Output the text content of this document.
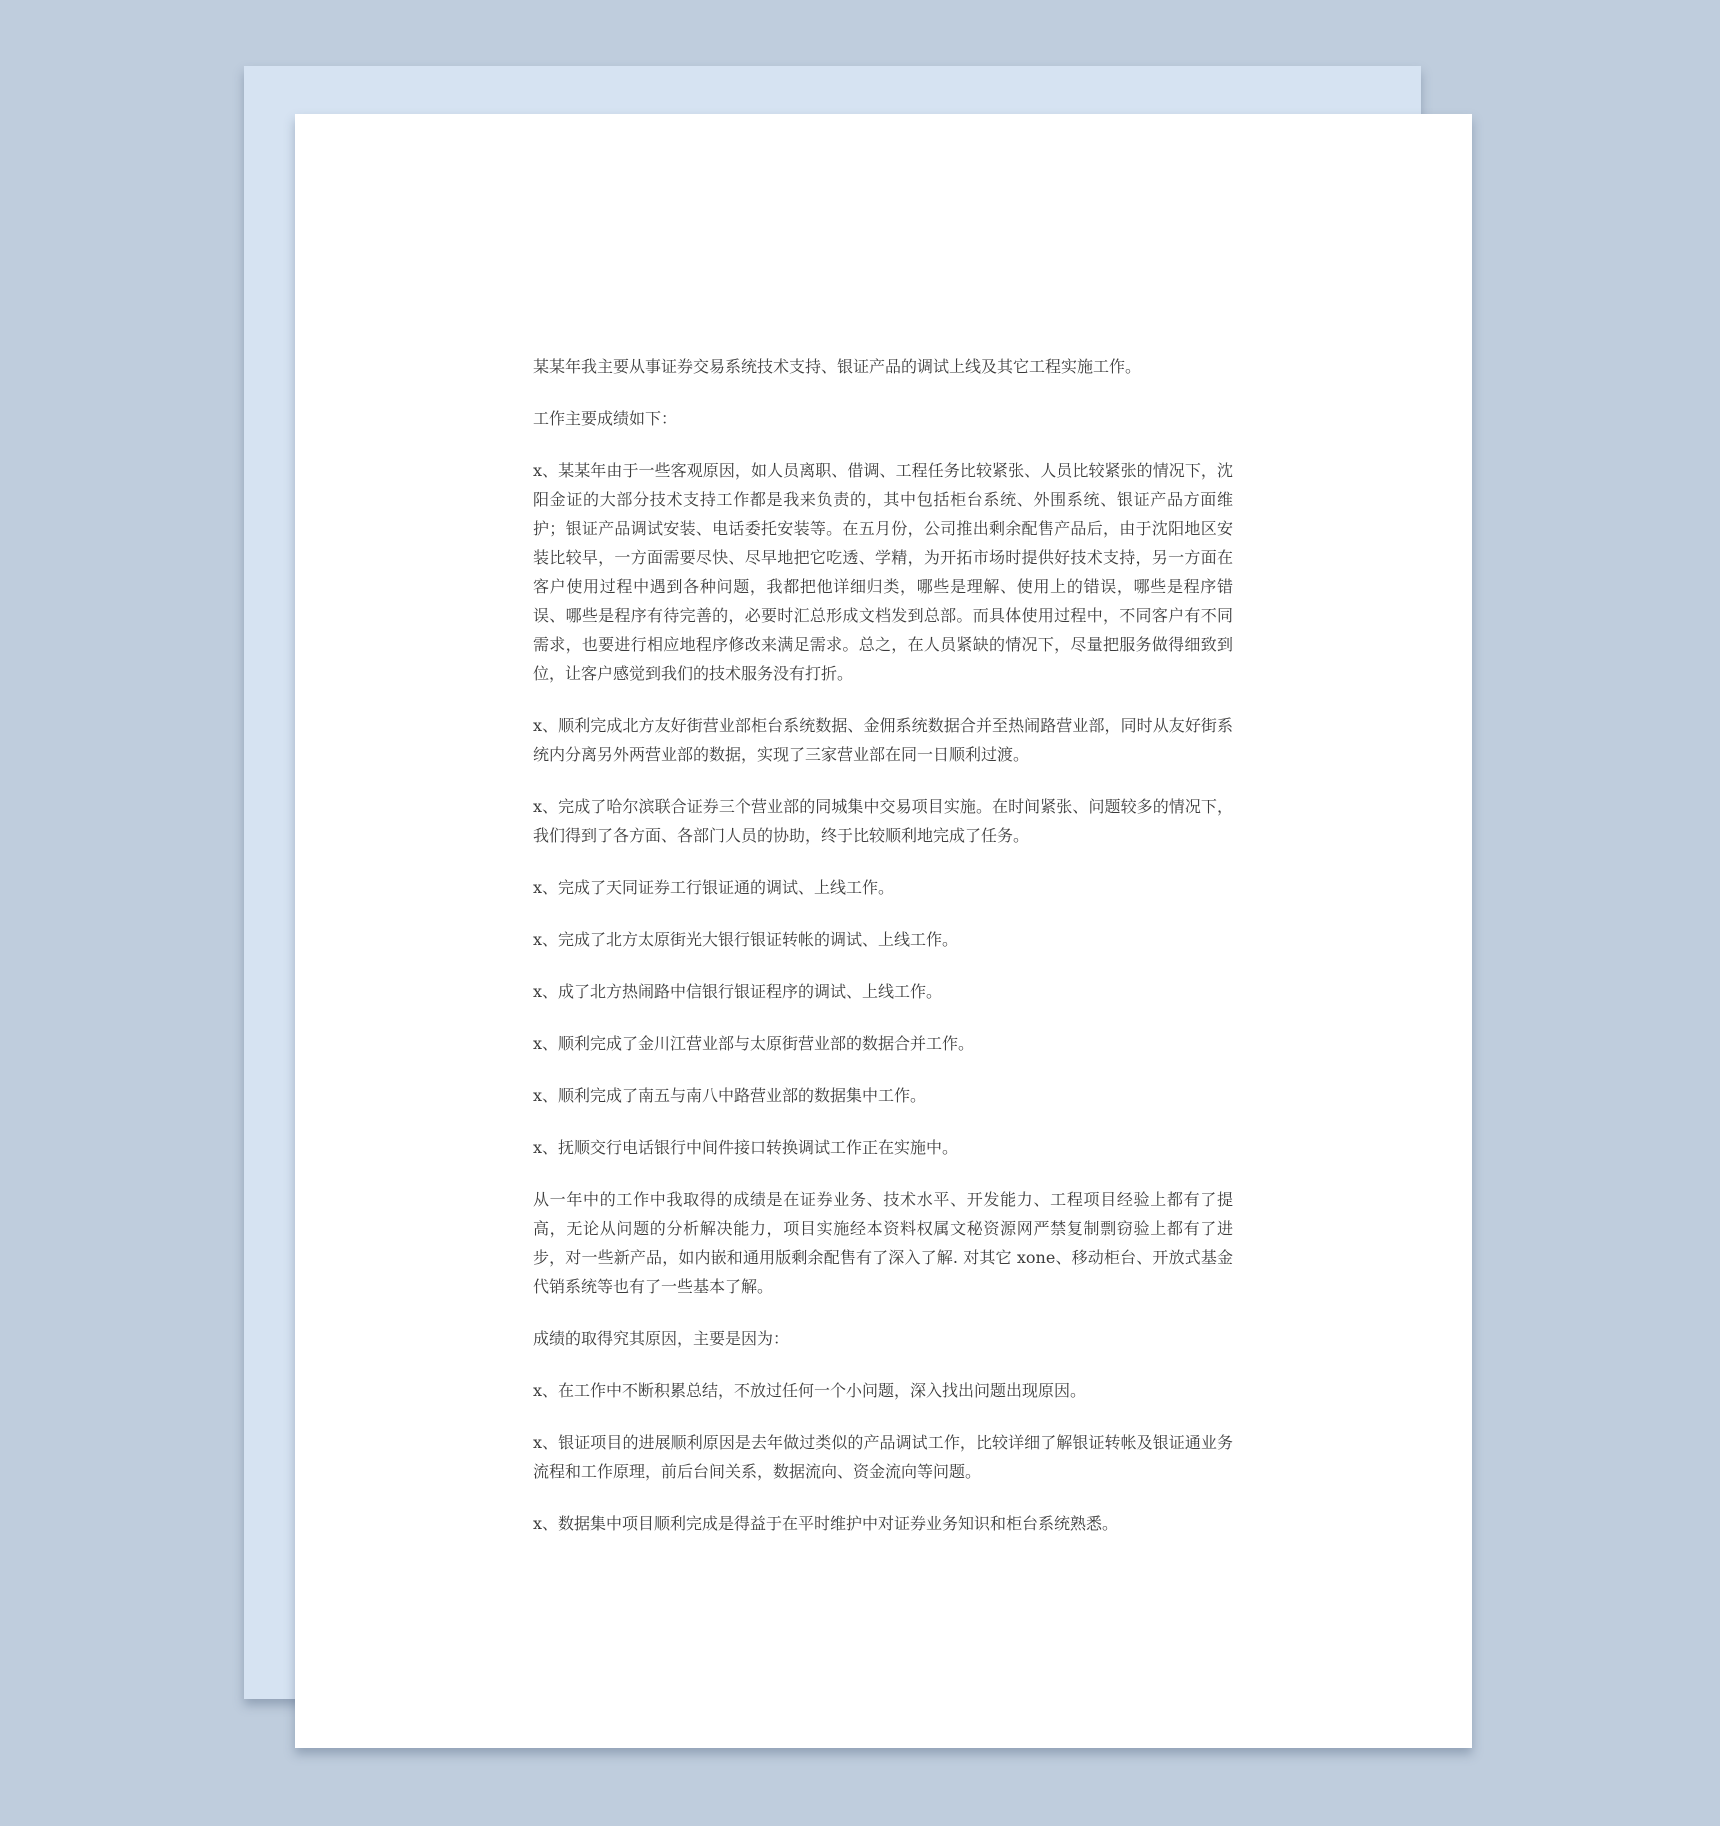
某某年我主要从事证券交易系统技术支持、银证产品的调试上线及其它工程实施工作。

工作主要成绩如下：

x、某某年由于一些客观原因，如人员离职、借调、工程任务比较紧张、人员比较紧张的情况下，沈阳金证的大部分技术支持工作都是我来负责的，其中包括柜台系统、外围系统、银证产品方面维护；银证产品调试安装、电话委托安装等。在五月份，公司推出剩余配售产品后，由于沈阳地区安装比较早，一方面需要尽快、尽早地把它吃透、学精，为开拓市场时提供好技术支持，另一方面在客户使用过程中遇到各种问题，我都把他详细归类，哪些是理解、使用上的错误，哪些是程序错误、哪些是程序有待完善的，必要时汇总形成文档发到总部。而具体使用过程中，不同客户有不同需求，也要进行相应地程序修改来满足需求。总之，在人员紧缺的情况下，尽量把服务做得细致到位，让客户感觉到我们的技术服务没有打折。

x、顺利完成北方友好街营业部柜台系统数据、金佣系统数据合并至热闹路营业部，同时从友好街系统内分离另外两营业部的数据，实现了三家营业部在同一日顺利过渡。

x、完成了哈尔滨联合证券三个营业部的同城集中交易项目实施。在时间紧张、问题较多的情况下，我们得到了各方面、各部门人员的协助，终于比较顺利地完成了任务。

x、完成了天同证券工行银证通的调试、上线工作。

x、完成了北方太原街光大银行银证转帐的调试、上线工作。

x、成了北方热闹路中信银行银证程序的调试、上线工作。

x、顺利完成了金川江营业部与太原街营业部的数据合并工作。

x、顺利完成了南五与南八中路营业部的数据集中工作。

x、抚顺交行电话银行中间件接口转换调试工作正在实施中。

从一年中的工作中我取得的成绩是在证券业务、技术水平、开发能力、工程项目经验上都有了提高，无论从问题的分析解决能力，项目实施经本资料权属文秘资源网严禁复制剽窃验上都有了进步，对一些新产品，如内嵌和通用版剩余配售有了深入了解. 对其它 xone、移动柜台、开放式基金代销系统等也有了一些基本了解。

成绩的取得究其原因，主要是因为：

x、在工作中不断积累总结，不放过任何一个小问题，深入找出问题出现原因。

x、银证项目的进展顺利原因是去年做过类似的产品调试工作，比较详细了解银证转帐及银证通业务流程和工作原理，前后台间关系，数据流向、资金流向等问题。

x、数据集中项目顺利完成是得益于在平时维护中对证券业务知识和柜台系统熟悉。
